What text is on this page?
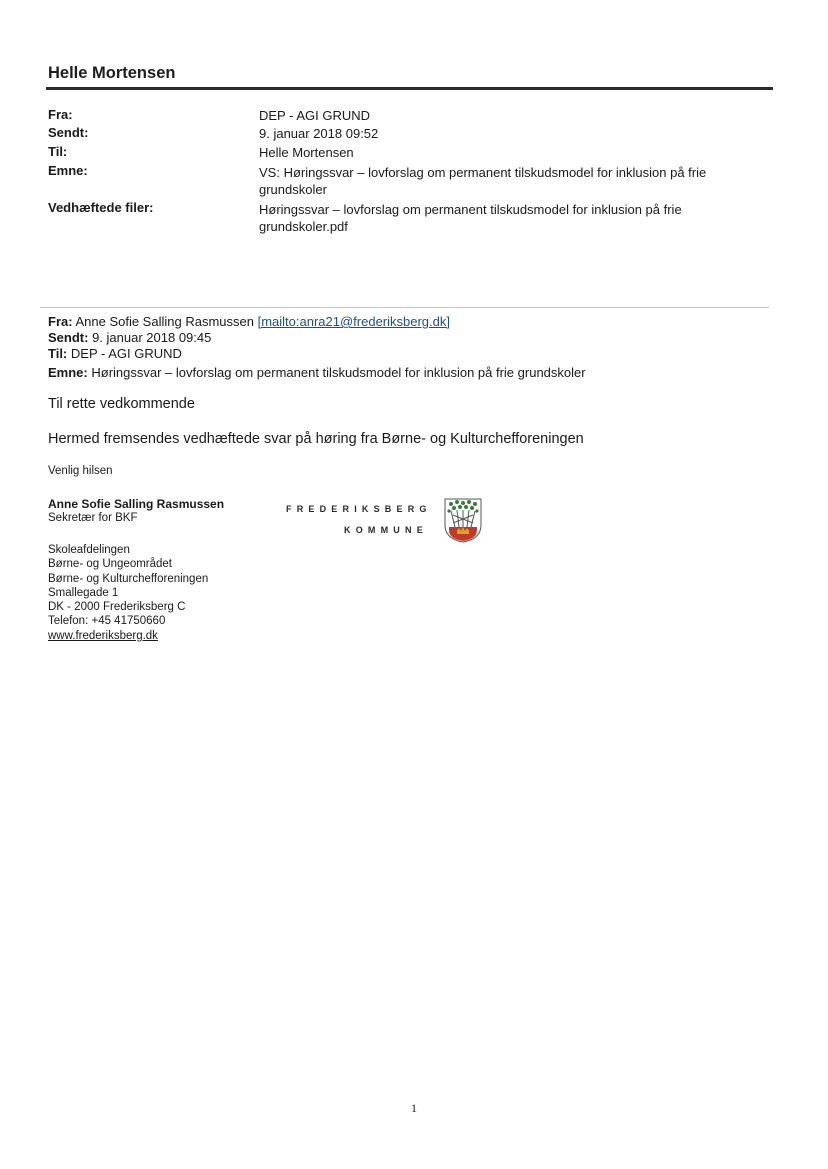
Helle Mortensen
Fra:	DEP - AGI GRUND
Sendt:	9. januar 2018 09:52
Til:	Helle Mortensen
Emne:	VS: Høringssvar – lovforslag om permanent tilskudsmodel for inklusion på frie
grundskoler
Vedhæftede filer:	Høringssvar – lovforslag om permanent tilskudsmodel for inklusion på frie
grundskoler.pdf
Fra: Anne Sofie Salling Rasmussen [mailto:anra21@frederiksberg.dk]
Sendt: 9. januar 2018 09:45
Til: DEP - AGI GRUND
Emne: Høringssvar – lovforslag om permanent tilskudsmodel for inklusion på frie grundskoler
Til rette vedkommende
Hermed fremsendes vedhæftede svar på høring fra Børne- og Kulturchefforeningen
Venlig hilsen
Anne Sofie Salling Rasmussen
Sekretær for BKF
Skoleafdelingen
Børne- og Ungeområdet
Børne- og Kulturchefforeningen
Smallegade 1
DK - 2000 Frederiksberg C
Telefon: +45 41750660
www.frederiksberg.dk
FREDERIKSBERG
KOMMUNE
1
